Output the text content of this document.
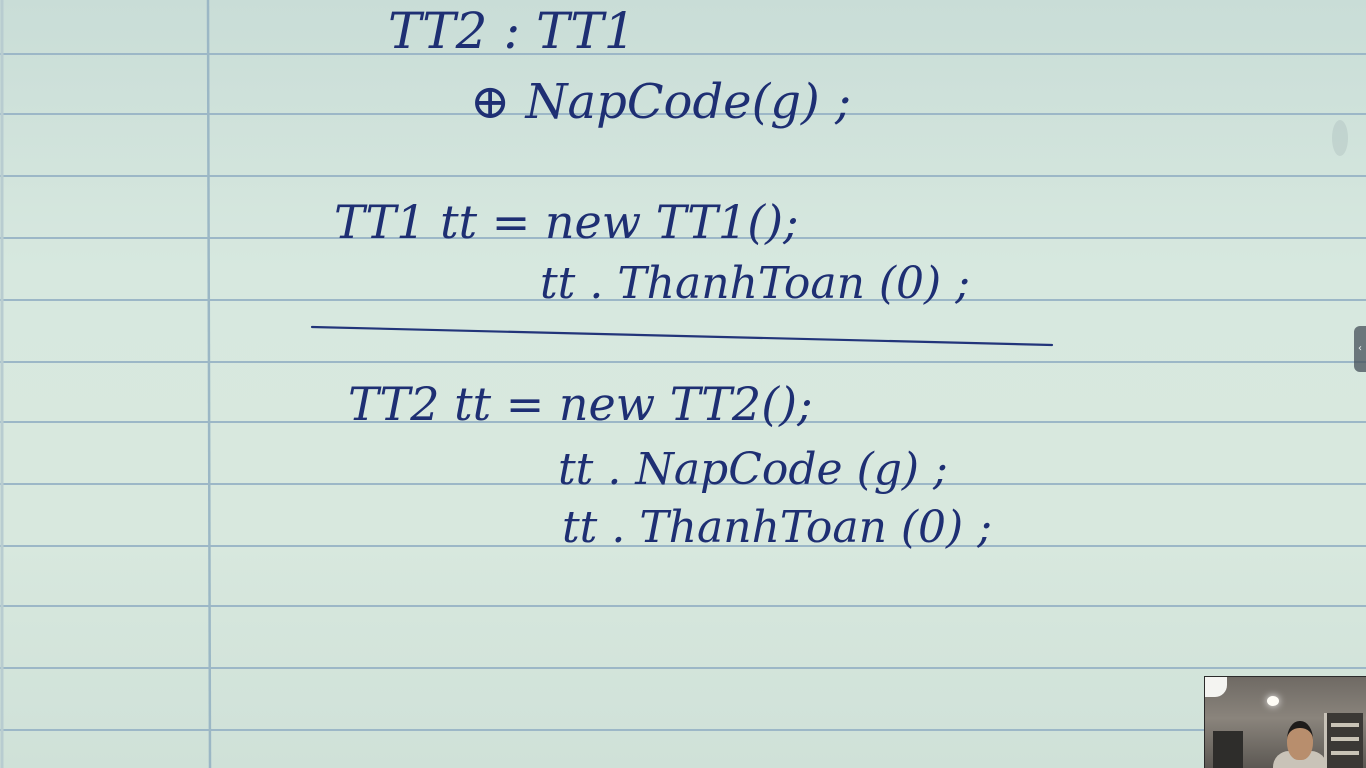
TT2 : TT1
⊕ NapCode(g) ;
TT1 tt = new TT1();
tt . ThanhToan (0) ;
TT2 tt = new TT2();
tt . NapCode (g) ;
tt . ThanhToan (0) ;
‹
